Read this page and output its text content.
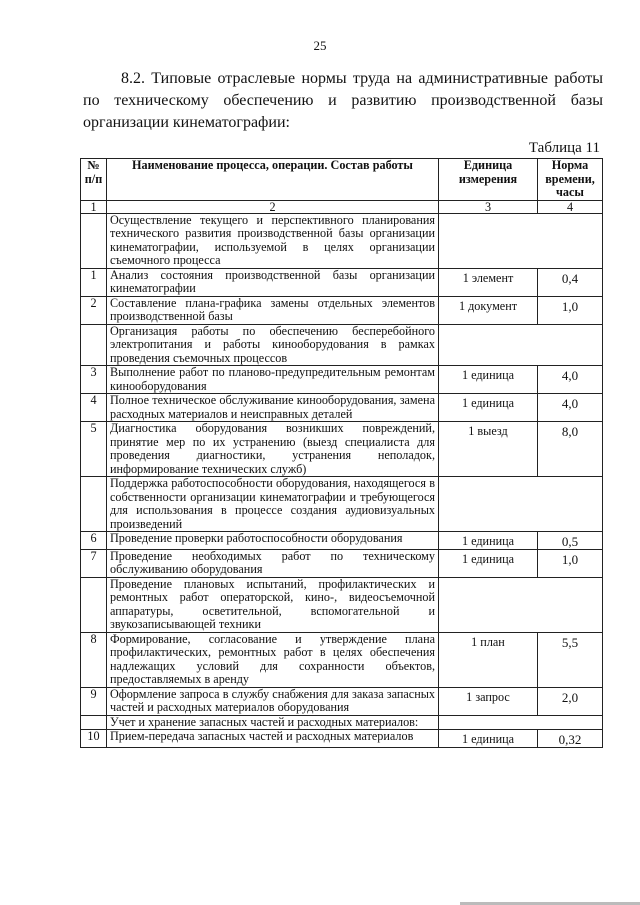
25
8.2. Типовые отраслевые нормы труда на административные работы по техническому обеспечению и развитию производственной базы организации кинематографии:
Таблица 11
№ п/п	Наименование процесса, операции. Состав работы	Единица измерения	Норма времени, часы
1	2	3	4
	Осуществление текущего и перспективного планирования технического развития производственной базы организации кинематографии, используемой в целях организации съемочного процесса		
1	Анализ состояния производственной базы организации кинематографии	1 элемент	0,4
2	Составление плана-графика замены отдельных элементов производственной базы	1 документ	1,0
	Организация работы по обеспечению бесперебойного электропитания и работы кинооборудования в рамках проведения съемочных процессов		
3	Выполнение работ по планово-предупредительным ремонтам кинооборудования	1 единица	4,0
4	Полное техническое обслуживание кинооборудования, замена расходных материалов и неисправных деталей	1 единица	4,0
5	Диагностика оборудования возникших повреждений, принятие мер по их устранению (выезд специалиста для проведения диагностики, устранения неполадок, информирование технических служб)	1 выезд	8,0
	Поддержка работоспособности оборудования, находящегося в собственности организации кинематографии и требующегося для использования в процессе создания аудиовизуальных произведений		
6	Проведение проверки работоспособности оборудования	1 единица	0,5
7	Проведение необходимых работ по техническому обслуживанию оборудования	1 единица	1,0
	Проведение плановых испытаний, профилактических и ремонтных работ операторской, кино-, видеосъемочной аппаратуры, осветительной, вспомогательной и звукозаписывающей техники		
8	Формирование, согласование и утверждение плана профилактических, ремонтных работ в целях обеспечения надлежащих условий для сохранности объектов, предоставляемых в аренду	1 план	5,5
9	Оформление запроса в службу снабжения для заказа запасных частей и расходных материалов оборудования	1 запрос	2,0
	Учет и хранение запасных частей и расходных материалов:		
10	Прием-передача запасных частей и расходных материалов	1 единица	0,32
